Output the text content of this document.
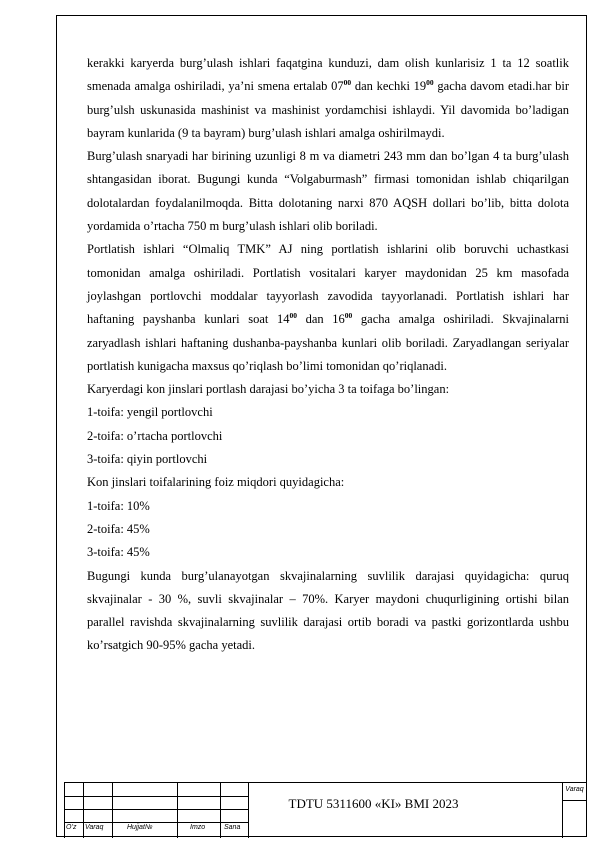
kerakki karyerda burg’ulash ishlari faqatgina kunduzi, dam olish kunlarisiz 1 ta 12 soatlik smenada amalga oshiriladi, ya’ni smena ertalab $07^{00}$ dan kechki $19^{00}$ gacha davom etadi.har bir burg’ulsh uskunasida mashinist va mashinist yordamchisi ishlaydi. Yil davomida bo’ladigan bayram kunlarida (9 ta bayram) burg’ulash ishlari amalga oshirilmaydi.

Burg’ulash snaryadi har birining uzunligi 8 m va diametri 243 mm dan bo’lgan 4 ta burg’ulash shtangasidan iborat. Bugungi kunda “Volgaburmash” firmasi tomonidan ishlab chiqarilgan dolotalardan foydalanilmoqda. Bitta dolotaning narxi 870 AQSH dollari bo’lib, bitta dolota yordamida o’rtacha 750 m burg’ulash ishlari olib boriladi.

Portlatish ishlari “Olmaliq TMK” AJ ning portlatish ishlarini olib boruvchi uchastkasi tomonidan amalga oshiriladi. Portlatish vositalari karyer maydonidan 25 km masofada joylashgan portlovchi moddalar tayyorlash zavodida tayyorlanadi. Portlatish ishlari har haftaning payshanba kunlari soat $14^{00}$ dan $16^{00}$ gacha amalga oshiriladi. Skvajinalarni zaryadlash ishlari haftaning dushanba-payshanba kunlari olib boriladi. Zaryadlangan seriyalar portlatish kunigacha maxsus qo’riqlash bo’limi tomonidan qo’riqlanadi.

Karyerdagi kon jinslari portlash darajasi bo’yicha 3 ta toifaga bo’lingan:

1-toifa: yengil portlovchi

2-toifa: o’rtacha portlovchi

3-toifa: qiyin portlovchi

Kon jinslari toifalarining foiz miqdori quyidagicha:

1-toifa: 10%

2-toifa: 45%

3-toifa: 45%

Bugungi kunda burg’ulanayotgan skvajinalarning suvlilik darajasi quyidagicha: quruq skvajinalar - 30 %, suvli skvajinalar – 70%. Karyer maydoni chuqurligining ortishi bilan parallel ravishda skvajinalarning suvlilik darajasi ortib boradi va pastki gorizontlarda ushbu ko’rsatgich 90-95% gacha yetadi.

O’z Varaq	Hujjat№	Imzo	Sana
TDTU 5311600 «KI» BMI 2023
Varaq
